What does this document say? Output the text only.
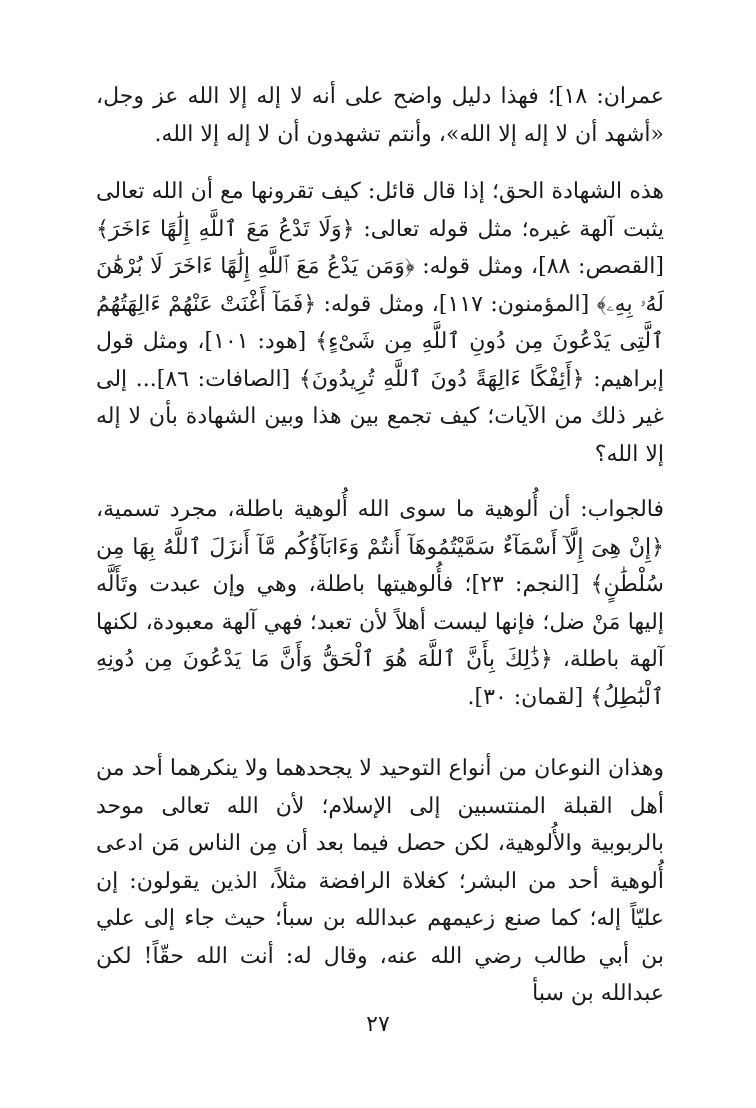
عمران: ١٨]؛ فهذا دليل واضح على أنه لا إله إلا الله عز وجل، «أشهد أن لا إله إلا الله»، وأنتم تشهدون أن لا إله إلا الله.

هذه الشهادة الحق؛ إذا قال قائل: كيف تقرونها مع أن الله تعالى يثبت آلهة غيره؛ مثل قوله تعالى: ﴿وَلَا تَدْعُ مَعَ ٱللَّهِ إِلَٰهًا ءَاخَرَ﴾ [القصص: ٨٨]، ومثل قوله: ﴿وَمَن يَدْعُ مَعَ ٱللَّهِ إِلَٰهًا ءَاخَرَ لَا بُرْهَٰنَ لَهُۥ بِهِۦ﴾ [المؤمنون: ١١٧]، ومثل قوله: ﴿فَمَآ أَغْنَتْ عَنْهُمْ ءَالِهَتُهُمُ ٱلَّتِى يَدْعُونَ مِن دُونِ ٱللَّهِ مِن شَىْءٍ﴾ [هود: ١٠١]، ومثل قول إبراهيم: ﴿أَئِفْكًا ءَالِهَةً دُونَ ٱللَّهِ تُرِيدُونَ﴾ [الصافات: ٨٦]... إلى غير ذلك من الآيات؛ كيف تجمع بين هذا وبين الشهادة بأن لا إله إلا الله؟

فالجواب: أن أُلوهية ما سوى الله أُلوهية باطلة، مجرد تسمية، ﴿إِنْ هِىَ إِلَّآ أَسْمَآءٌ سَمَّيْتُمُوهَآ أَنتُمْ وَءَابَآؤُكُم مَّآ أَنزَلَ ٱللَّهُ بِهَا مِن سُلْطَٰنٍ﴾ [النجم: ٢٣]؛ فأُلوهيتها باطلة، وهي وإن عبدت وتَأَلَّه إليها مَنْ ضل؛ فإنها ليست أهلاً لأن تعبد؛ فهي آلهة معبودة، لكنها آلهة باطلة، ﴿ذَٰلِكَ بِأَنَّ ٱللَّهَ هُوَ ٱلْحَقُّ وَأَنَّ مَا يَدْعُونَ مِن دُونِهِ ٱلْبَٰطِلُ﴾ [لقمان: ٣٠].

وهذان النوعان من أنواع التوحيد لا يجحدهما ولا ينكرهما أحد من أهل القبلة المنتسبين إلى الإسلام؛ لأن الله تعالى موحد بالربوبية والأُلوهية، لكن حصل فيما بعد أن مِن الناس مَن ادعى أُلوهية أحد من البشر؛ كغلاة الرافضة مثلاً، الذين يقولون: إن عليّاً إله؛ كما صنع زعيمهم عبدالله بن سبأ؛ حيث جاء إلى علي بن أبي طالب رضي الله عنه، وقال له: أنت الله حقّاً! لكن عبدالله بن سبأ

٢٧
